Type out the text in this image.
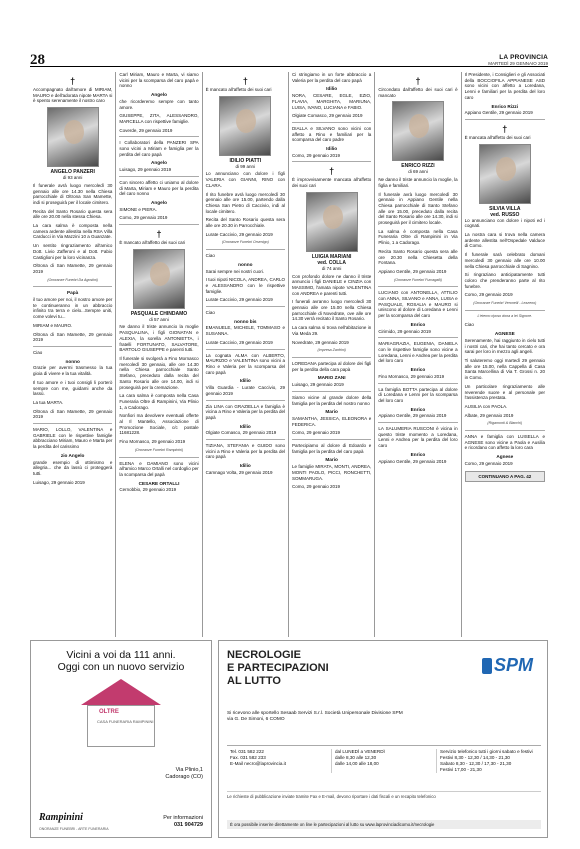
28	LA PROVINCIA
MARTEDÌ 29 GENNAIO 2019
†
Accompagnato dall'amore di MIRIAM, MAURO e dell'adorata nipote MARTA si è spento serenamente il nostro caro
ANGELO PANZERI
di 93 anni
Il funerale avrà luogo mercoledì 30 gennaio alle ore 14.30 nella Chiesa parrocchiale di Oltrona San Mamette, indi si proseguirà per il locale cimitero.
Recita del Santo Rosario questa sera alle ore 20.00 nella stessa Chiesa.
La cara salma è composta nella camera ardente allestita nella RSA Villa Carducci in Via Mazzini 10 a Guanzate.
Un sentito ringraziamento all'amico Dott. Livio Zafferoni e al Dott. Fabio Castiglioni per la loro vicinanza.
Oltrona di San Mamette, 29 gennaio 2019
(Onoranze Funebri Da Agostini)
Papà
il tuo amore per noi, il nostro amore per te continueranno in un abbraccio infinito tra terra e cielo...Sempre uniti, come volevi tu...
MIRIAM e MAURO.
Oltrona di San Mamette, 29 gennaio 2019
Ciao
nonno
Grazie per avermi trasmesso la tua gioia di vivere e la tua vitalità.
Il tuo amore e i tuoi consigli li porterò sempre con me, guidami anche da lassù.
La tua MARTA.
Oltrona di San Mamette, 29 gennaio 2019
MARIO, LOLLO, VALENTINA e GABRIELE con le rispettive famiglie abbracciano Miriam, Mauro e Marta per la perdita del carissimo
zio Angelo
grande esempio di ottimismo e allegria... che da lassù ci proteggerà tutti.
Luisago, 29 gennaio 2019
Carl Miriam, Mauro e Marta, vi siamo vicini per la scomparsa del caro papà e nonno
Angelo
che ricorderemo sempre con tanto amore.
GIUSEPPE, ZITA, ALESSANDRO, MARCELLA con rispettive famiglie.
Coverde, 29 gennaio 2019
I Collaboratori della PANZERI SPA sono vicini a Miriam e famiglia per la perdita del caro papà
Angelo
Luisago, 29 gennaio 2019
Con sincero affetto ci uniamo al dolore di Marta, Miriam e Mauro per la perdita del caro nonno
Angelo
SIMONE e PIERA.
Como, 29 gennaio 2019
†
È mancato all'affetto dei suoi cari
PASQUALE CHINDAMO
di 57 anni
Ne danno il triste annuncio la moglie PASQUALINA, i figli GIONATAN e ALEXIA, la sorella ANTONIETTA, i fratelli FORTUNATO, SALVATORE, BARTOLO GIUSEPPE e parenti tutti.
Il funerale si svolgerà a Fino Mornasco mercoledì 30 gennaio, alle ore 14.30 nella Chiesa parrocchiale Santo Stefano, preceduto dalla recita del Santo Rosario alle ore 14.00, indi si proseguirà per la cremazione.
La cara salma è composta nella Casa Funeraria Oltre di Rampinini, Via Plinio 1, a Cadorago.
Nonfiori ma devolvere eventuali offerte al Il Mantello, Associazione di Promozione Sociale, c/c postale 11681228.
Fino Mornasco, 29 gennaio 2019
(Onoranze Funebri Rampinini)
ELENA e DAMIANO sono vicini all'amico Marco Ortalli nel cordoglio per la scomparsa del papà
CESARE ORTALLI
Cernobbio, 29 gennaio 2019
†
È mancato all'affetto dei suoi cari
IDILIO PIATTI
di 99 anni
Lo annunciano con dolore i figli VALERIA con GIANNI, RINO con CLARA.
Il rito funebre avrà luogo mercoledì 30 gennaio alle ore 15.00, partendo dalla Chiesa San Pietro di Caccivio, indi al locale cimitero.
Recita del Santo Rosario questa sera alle ore 20.30 in Parrocchiale.
Lurate Caccivio, 29 gennaio 2019
(Onoranze Funebri Orsenigo)
Ciao
nonno
Sarai sempre nei nostri cuori.
I tuoi nipoti NICOLA, ANDREA, CARLO e ALESSANDRO con le rispettive famiglie.
Lurate Caccivio, 29 gennaio 2019
Ciao
nonno bis
EMANUELE, MICHELE, TOMMASO e SUSANNA.
Lurate Caccivio, 29 gennaio 2019
La cognata ALMA con ALBERTO, MAURIZIO e VALENTINA sono vicini a Rino e Valeria per la scomparsa del caro papà
Idilio
Villa Guardia - Lurate Caccivio, 29 gennaio 2019
Zia LINA con GRAZIELLA e famiglia è vicina a Rino e Valeria per la perdita del papà
Idilio
Olgiate Comasco, 29 gennaio 2019
TIZIANA, STEFANIA e GUIDO sono vicini a Rino e Valeria per la perdita del caro papà
Idilio
Camnago Volta, 29 gennaio 2019
Ci stringiamo in un forte abbraccio a Valeria per la perdita del caro papà
Idilio
NORA, CESARE, EGLE, EZIO, FLAVIA, MARGHITA, MARIUNA, LUISA, IVANO, LUCIANA e FABIO.
Olgiate Comasco, 29 gennaio 2019
DIALLA e SILVANO sono vicini con affetto a Rino e familiari per la scomparsa del caro padre
Idilio
Como, 29 gennaio 2019
†
È improvvisamente mancata all'affetto dei suoi cari
LUIGIA MARIANI
ved. COLLA
di 74 anni
Con profondo dolore ne danno il triste annuncio i figli DANIELE e CINZIA con MASSIMO, l'amata nipote VALENTINA con ANDREA e parenti tutti.
I funerali avranno luogo mercoledì 30 gennaio alle ore 15.00 nella Chiesa parrocchiale di Novedrate, ove alle ore 14.30 verrà recitato il Santo Rosario.
La cara salma si trova nell'abitazione in Via Meda 29.
Novedrate, 29 gennaio 2019
(Impresa Zanfrini)
LOREDANA partecipa al dolore dei figli per la perdita della cara papà
MARIO ZANI
Luisago, 29 gennaio 2019
Siamo vicine al grande dolore della famiglia per la perdita del nostro nonno
Mario
SAMANTHA, JESSICA, ELEONORA e FEDERICA.
Como, 29 gennaio 2019
Partecipiamo al dolore di Edoardo e famiglia per la perdita del caro papà
Mario
Le famiglie MIRATA, MONTI, ANDREA, MONTI PAOLO, PICCI, RONCHETTI, SOMMARUGA.
Como, 29 gennaio 2019
†
Circondato dall'affetto dei suoi cari è mancato
ENRICO RIZZI
di 69 anni
Ne danno il triste annuncio la moglie, la figlia e familiari.
Il funerale avrà luogo mercoledì 30 gennaio in Appiano Gentile nella Chiesa parrocchiale di Santo Stefano alle ore 15.00, preceduto dalla recita del Santo Rosario alle ore 14.30, indi si proseguirà per il cimitero locale.
La salma è composta nella Casa Funeraria Oltre di Rampinini in Via Plinio, 1 a Cadorago.
Recita Santo Rosario questa sera alle ore 20.30 nella Chiesetta della Fontana.
Appiano Gentile, 29 gennaio 2019
(Onoranze Funebri Fumagalli)
LUCIANO con ANTONELLA, ATTILIO con ANNA, SILVANO e ANNA, LUISA e PASQUALE, ROSALIA e MAURO si uniscono al dolore di Loredana e Lenni per la scomparsa del caro
Enrico
Cirimido, 29 gennaio 2019
MARIAGRAZIA, EUGENIA, DANIELA con le rispettive famiglie sono vicine a Loredana, Lenni e Andrea per la perdita del loro caro
Enrico
Fino Mornasco, 29 gennaio 2019
La famiglia BOTTA partecipa al dolore di Loredana e Lenni per la scomparsa del loro caro
Enrico
Appiano Gentile, 29 gennaio 2019
LA SALUMERIA RUSCONI è vicina in questo triste momento a Loredana, Lenni e Andrea per la perdita del loro caro
Enrico
Appiano Gentile, 29 gennaio 2019
Il Presidente, i Consiglieri e gli Associati della BOCCIOFILA APPIANESE ASD sono vicini con affetto a Loredana, Lenni e familiari per la perdita del loro caro
Enrico Rizzi
Appiano Gentile, 29 gennaio 2019
†
È mancata all'affetto dei suoi cari
SILVIA VILLA
ved. RUSSO
Lo annunciano con dolore i nipoti ed i cognati.
La nostra cara si trova nella camera ardente allestita nell'Ospedale Valduce di Como.
Il funerale sarà celebrato domani mercoledì 30 gennaio alle ore 10.00 nella Chiesa parrocchiale di Sagnino.
Si ringraziano anticipatamente tutti coloro che prenderanno parte al rito funebre.
Como, 29 gennaio 2019
(Onoranze Funebri Veronelli - Lezzeno)
L'eterno riposo dona a lei Signore.
Ciao
AGNESE
Serenamente, hai raggiunto in cielo tutti i nostri cari, che hai tanto cercato e ora sarai per loro in mezzo agli angeli.
Ti saluteremo oggi martedì 29 gennaio alle ore 15.00, nella Cappella di Casa Santa Marcellina di Via T. Grossi n. 20 in Como.
Un particolare ringraziamento alle reverende suore e al personale per l'assistenza prestata.
AUSILIA con PAOLA.
Albate, 29 gennaio 2019
(Rigamonti & Bianchi)
ANNA e famiglia con LUISELLA e AGNESE sono vicine a Paola e Ausilia e ricordano con affetto la loro cara
Agnese
Como, 29 gennaio 2019
CONTINUANO A PAG. 42
Vicini a voi da 111 anni.
Oggi con un nuovo servizio
OLTRE
CASA FUNERARIA RAMPININI
Via Plinio,1
Cadorago (CO)
Rampinini
ONORANZE FUNEBRI - ARTE FUNERARIA
Per informazioni
031 904729
NECROLOGIE
E PARTECIPAZIONI
AL LUTTO
SPM
Si ricevono alle sportello Sesaab Servizi S.r.l. Società Unipersonale Divisione SPM
via G. De Simoni, 6 COMO
Tel. 031 582 222
Fax. 031 582 233
E-Mail necro@laprovincia.it
dal LUNEDÌ a VENERDÌ
dalle 8,30 alle 12,30
dalle 14,00 alle 18,00
Servizio telefonico tutti i giorni sabato e festivi
Festivi 8,30 - 12,30 / 14,30 - 21,30
Sabato 8,30 - 12,30 / 17,30 - 21,30
Festivi 17,00 - 21,30
Le richieste di pubblicazione inviate tramite Fax e E-mail, devono riportare i dati fiscali e un recapito telefonico
È ora possibile inserire direttamente on line le partecipazioni al lutto su www.laprovinciadicomo.it/necrologie
